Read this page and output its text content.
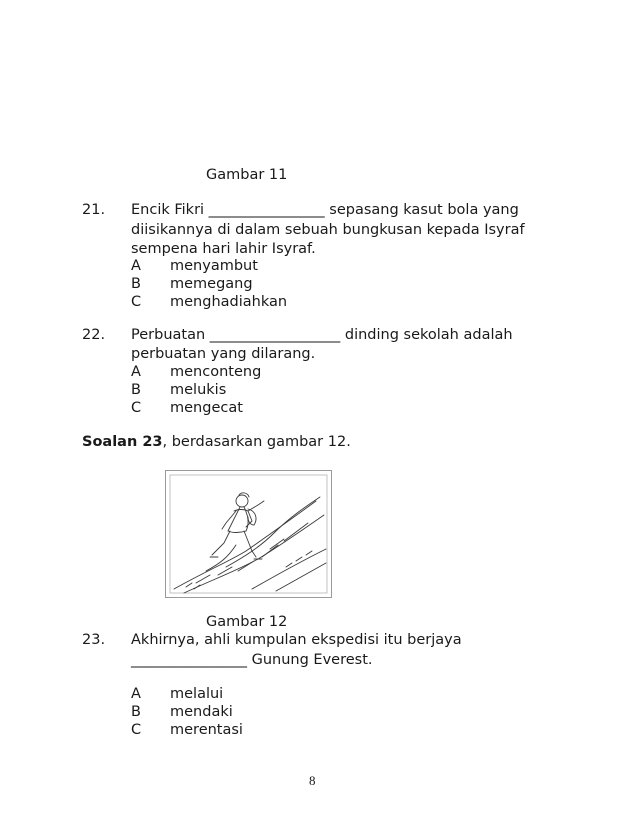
Gambar 11
21. Encik Fikri ________________ sepasang kasut bola yang
diisikannya di dalam sebuah bungkusan kepada Isyraf
sempena hari lahir Isyraf.
A menyambut
B memegang
C menghadiahkan
22. Perbuatan __________________ dinding sekolah adalah
perbuatan yang dilarang.
A menconteng
B melukis
C mengecat
Soalan 23, berdasarkan gambar 12.
Gambar 12
23. Akhirnya, ahli kumpulan ekspedisi itu berjaya
________________ Gunung Everest.
A melalui
B mendaki
C merentasi
8
